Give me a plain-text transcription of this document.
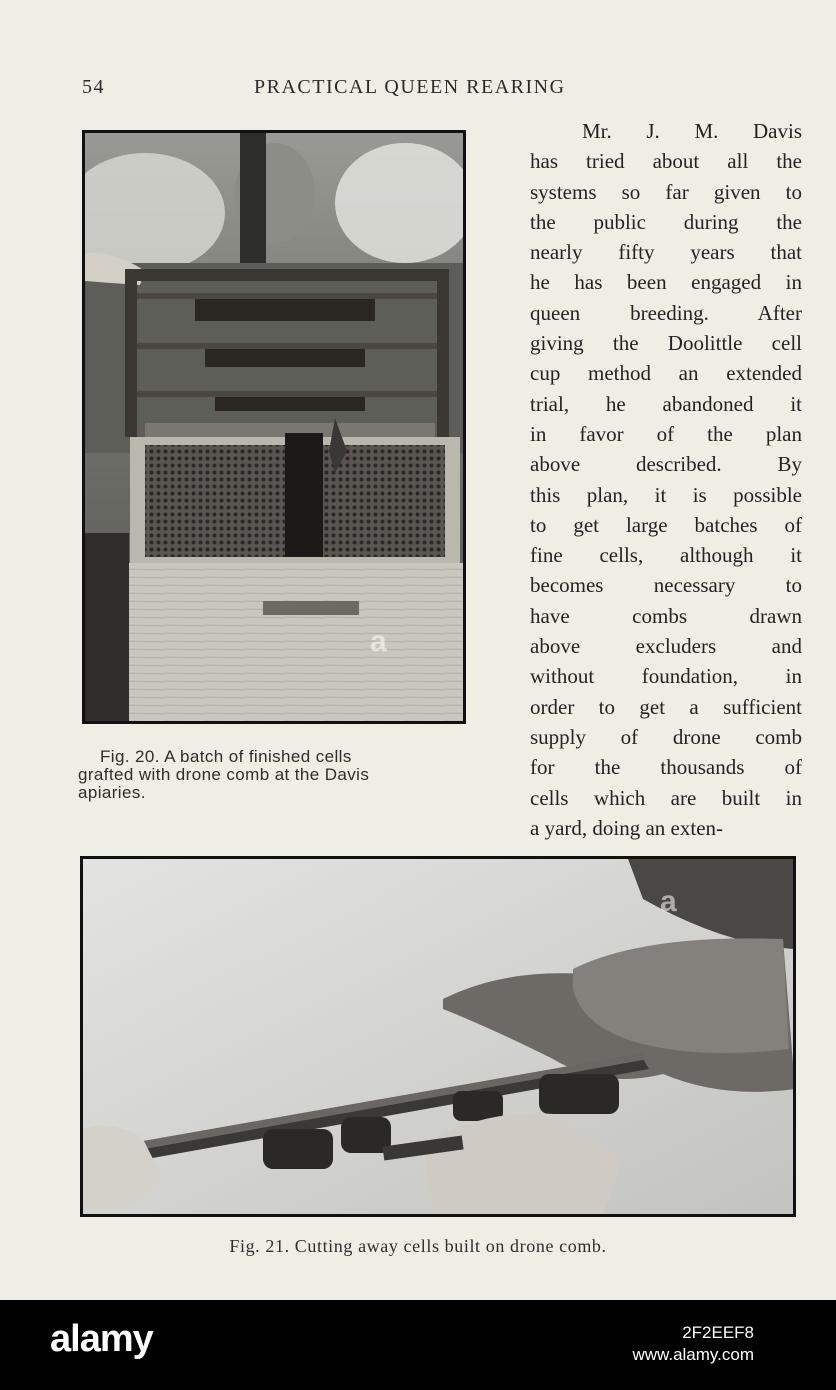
54	PRACTICAL QUEEN REARING
Fig. 20. A batch of finished cells
grafted with drone comb at the Davis
apiaries.
Mr. J. M. Davis
has tried about all the
systems so far given to
the public during the
nearly fifty years that
he has been engaged in
queen breeding. After
giving the Doolittle cell
cup method an extended
trial, he abandoned it
in favor of the plan
above described. By
this plan, it is possible
to get large batches of
fine cells, although it
becomes necessary to
have combs drawn
above excluders and
without foundation, in
order to get a sufficient
supply of drone comb
for the thousands of
cells which are built in
a yard, doing an exten-
Fig. 21. Cutting away cells built on drone comb.
a
a
alamy	2F2EEF8
www.alamy.com
